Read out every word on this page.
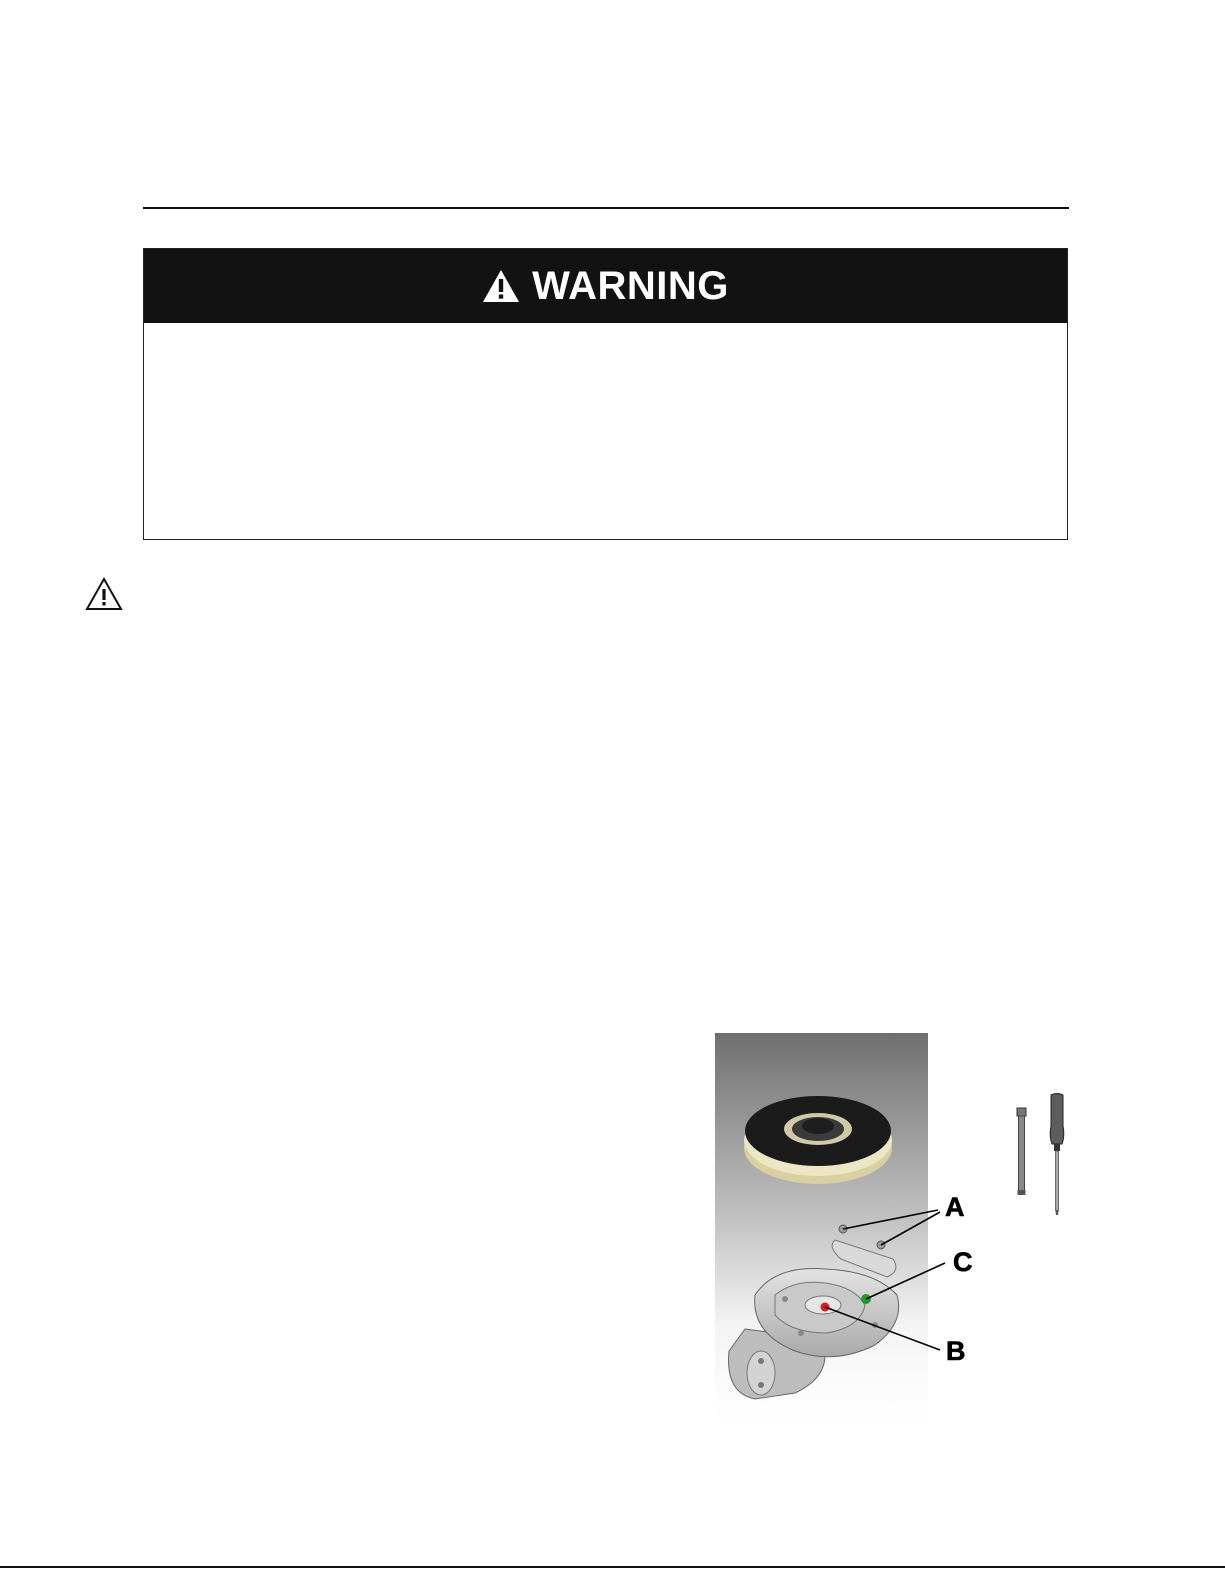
WARNING
A
C
B
